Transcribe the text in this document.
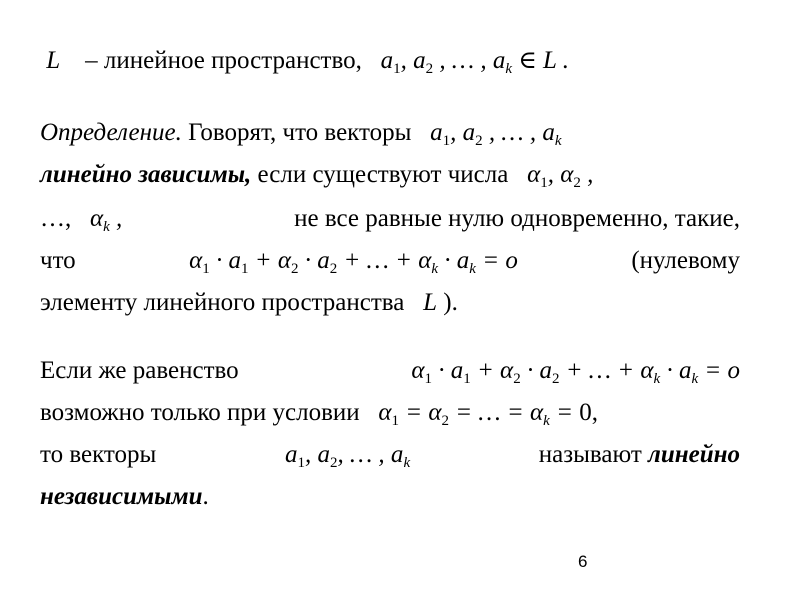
L – линейное пространство, $a_1$, $a_2$ , … , $a_k$ ∈ L .
Определение. Говорят, что векторы $a_1$, $a_2$ , … , $a_k$
линейно зависимы, если существуют числа $\alpha_1$, $\alpha_2$ ,
…,   $\alpha_k$ ,	не все равные нулю одновременно, такие,
что	$\alpha_1 \cdot a_1 + \alpha_2 \cdot a_2$ + … + $\alpha_k \cdot a_k = o$	(нулевому
элементу линейного пространства L ).
Если же равенство	$\alpha_1 \cdot a_1 + \alpha_2 \cdot a_2$ + … + $\alpha_k \cdot a_k = o$
возможно только при условии $\alpha_1 = \alpha_2$ = … = $\alpha_k = 0$,
то векторы	$a_1$, $a_2$, … , $a_k$	называют линейно
независимыми.
6
